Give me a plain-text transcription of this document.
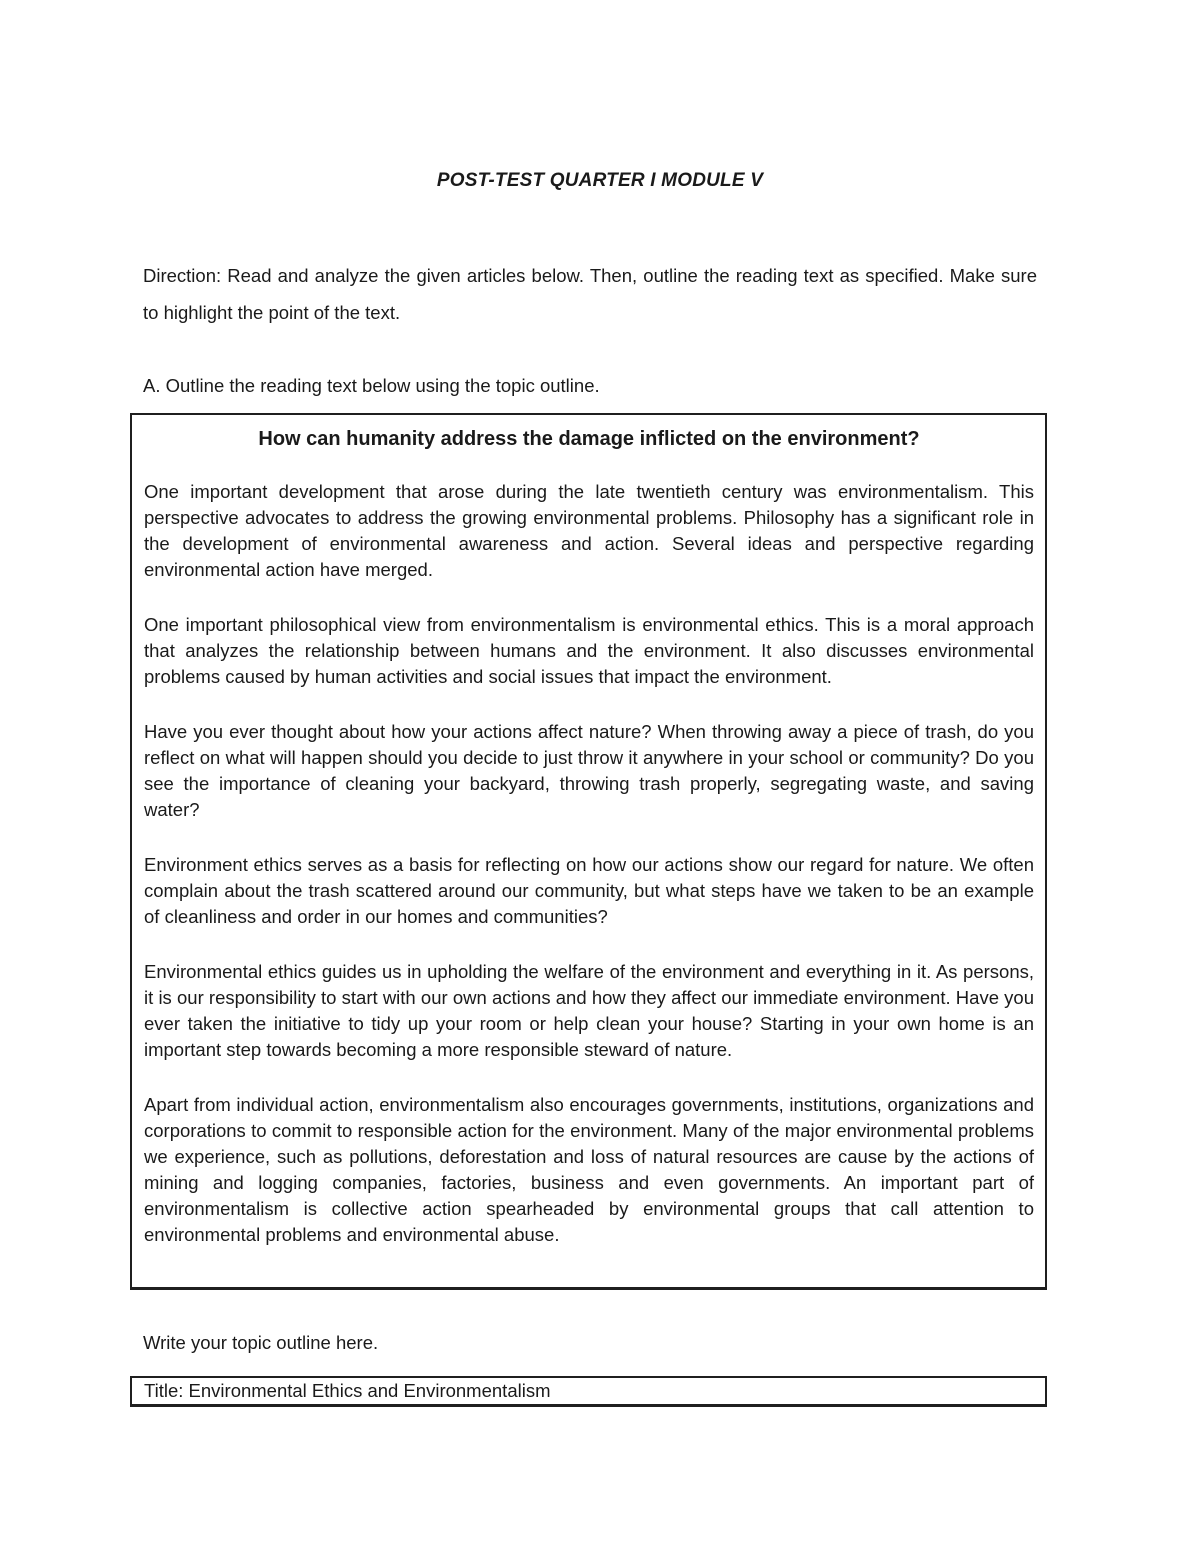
POST-TEST QUARTER I MODULE V
Direction: Read and analyze the given articles below. Then, outline the reading text as specified. Make sure to highlight the point of the text.
A. Outline the reading text below using the topic outline.
How can humanity address the damage inflicted on the environment?

One important development that arose during the late twentieth century was environmentalism. This perspective advocates to address the growing environmental problems. Philosophy has a significant role in the development of environmental awareness and action. Several ideas and perspective regarding environmental action have merged.

One important philosophical view from environmentalism is environmental ethics. This is a moral approach that analyzes the relationship between humans and the environment. It also discusses environmental problems caused by human activities and social issues that impact the environment.

Have you ever thought about how your actions affect nature? When throwing away a piece of trash, do you reflect on what will happen should you decide to just throw it anywhere in your school or community? Do you see the importance of cleaning your backyard, throwing trash properly, segregating waste, and saving water?

Environment ethics serves as a basis for reflecting on how our actions show our regard for nature. We often complain about the trash scattered around our community, but what steps have we taken to be an example of cleanliness and order in our homes and communities?

Environmental ethics guides us in upholding the welfare of the environment and everything in it. As persons, it is our responsibility to start with our own actions and how they affect our immediate environment. Have you ever taken the initiative to tidy up your room or help clean your house? Starting in your own home is an important step towards becoming a more responsible steward of nature.

Apart from individual action, environmentalism also encourages governments, institutions, organizations and corporations to commit to responsible action for the environment. Many of the major environmental problems we experience, such as pollutions, deforestation and loss of natural resources are cause by the actions of mining and logging companies, factories, business and even governments. An important part of environmentalism is collective action spearheaded by environmental groups that call attention to environmental problems and environmental abuse.

Write your topic outline here.
Title: Environmental Ethics and Environmentalism
